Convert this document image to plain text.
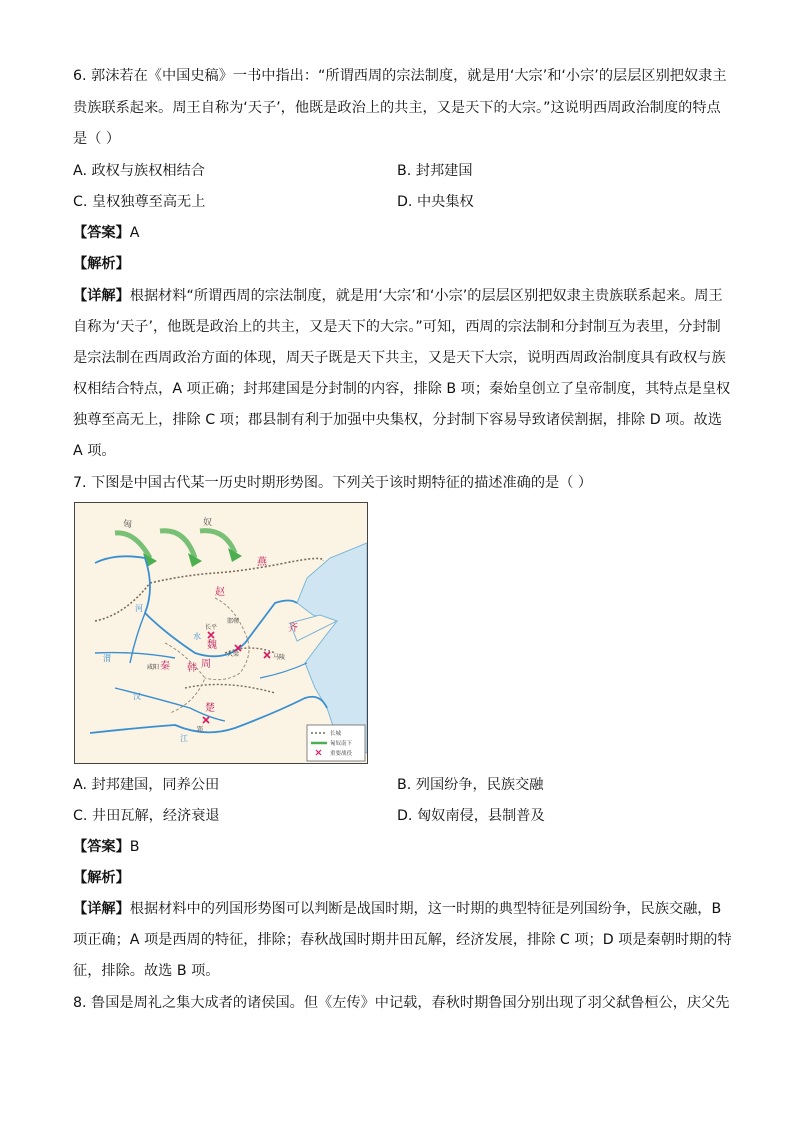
6. 郭沫若在《中国史稿》一书中指出：“所谓西周的宗法制度，就是用‘大宗’和‘小宗’的层层区别把奴隶主
贵族联系起来。周王自称为‘天子’，他既是政治上的共主，又是天下的大宗。”这说明西周政治制度的特点
是（ ）
A. 政权与族权相结合	B. 封邦建国
C. 皇权独尊至高无上	D. 中央集权
【答案】A
【解析】
【详解】根据材料“所谓西周的宗法制度，就是用‘大宗’和‘小宗’的层层区别把奴隶主贵族联系起来。周王
自称为‘天子’，他既是政治上的共主，又是天下的大宗。”可知，西周的宗法制和分封制互为表里，分封制
是宗法制在西周政治方面的体现，周天子既是天下共主，又是天下大宗，说明西周政治制度具有政权与族
权相结合特点，A 项正确；封邦建国是分封制的内容，排除 B 项；秦始皇创立了皇帝制度，其特点是皇权
独尊至高无上，排除 C 项；郡县制有利于加强中央集权，分封制下容易导致诸侯割据，排除 D 项。故选
A 项。
7. 下图是中国古代某一历史时期形势图。下列关于该时期特征的描述准确的是（ ）
匈	奴
燕
赵
齐
魏
秦 韩 周
楚
长平
邯郸
大梁	马陵
咸阳
郢
河
水
渭
汉
江	长城
匈奴南下
重要战役
A. 封邦建国，同养公田	B. 列国纷争，民族交融
C. 井田瓦解，经济衰退	D. 匈奴南侵，县制普及
【答案】B
【解析】
【详解】根据材料中的列国形势图可以判断是战国时期，这一时期的典型特征是列国纷争，民族交融，B
项正确；A 项是西周的特征，排除；春秋战国时期井田瓦解，经济发展，排除 C 项；D 项是秦朝时期的特
征，排除。故选 B 项。
8. 鲁国是周礼之集大成者的诸侯国。但《左传》中记载，春秋时期鲁国分别出现了羽父弑鲁桓公，庆父先
